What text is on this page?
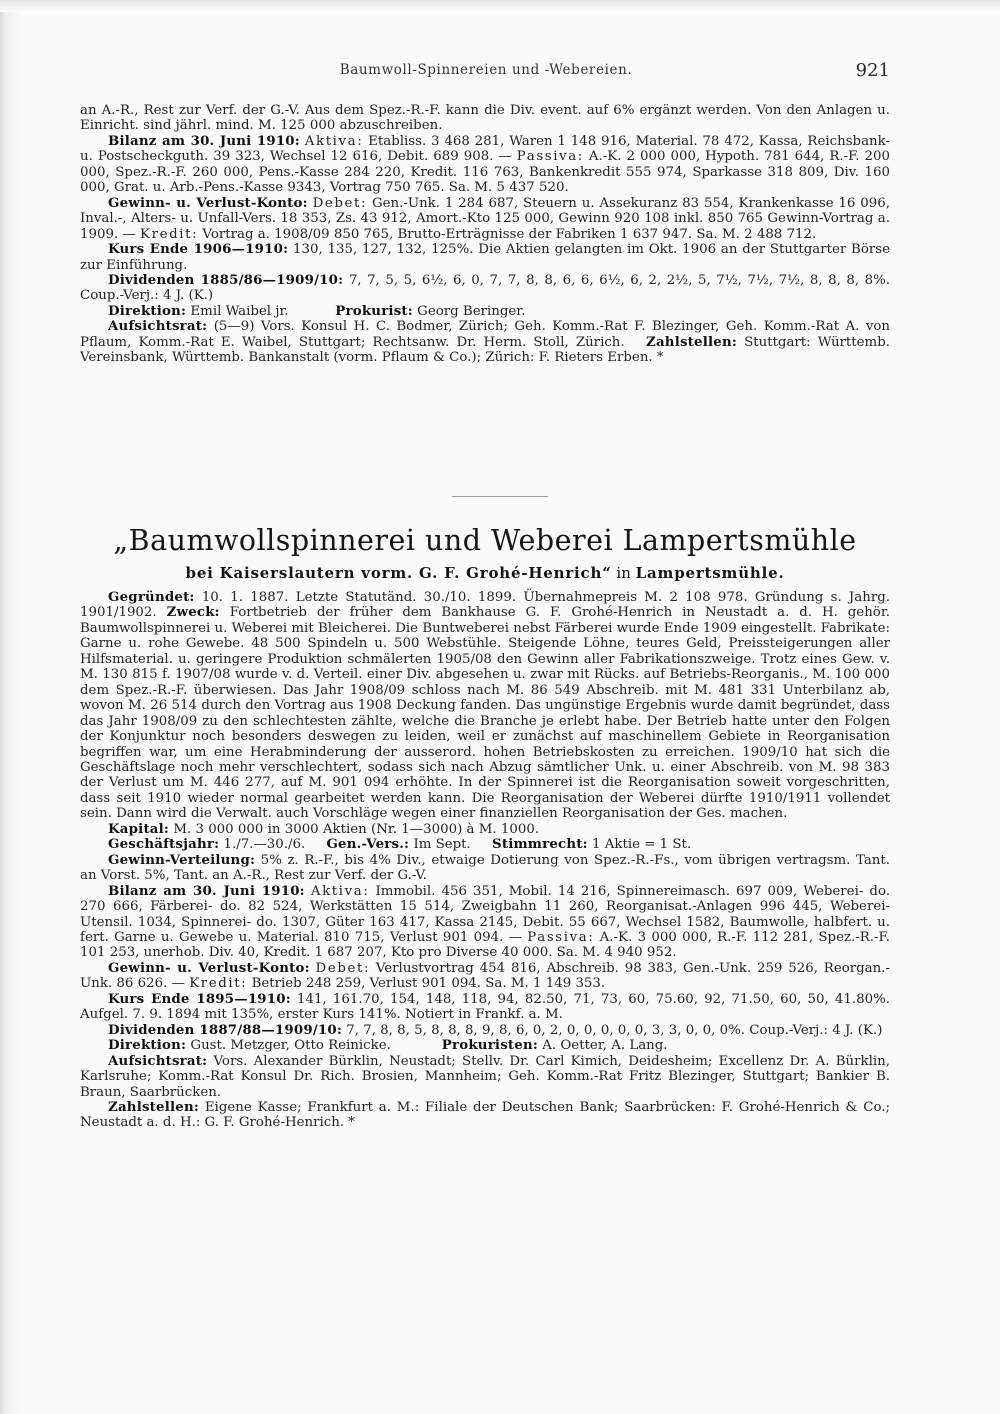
Baumwoll-Spinnereien und -Webereien.	921

an A.-R., Rest zur Verf. der G.-V. Aus dem Spez.-R.-F. kann die Div. event. auf 6% ergänzt werden. Von den Anlagen u. Einricht. sind jährl. mind. M. 125 000 abzuschreiben.

Bilanz am 30. Juni 1910: Aktiva: Etabliss. 3 468 281, Waren 1 148 916, Material. 78 472, Kassa, Reichsbank- u. Postscheckguth. 39 323, Wechsel 12 616, Debit. 689 908. — Passiva: A.-K. 2 000 000, Hypoth. 781 644, R.-F. 200 000, Spez.-R.-F. 260 000, Pens.-Kasse 284 220, Kredit. 116 763, Bankenkredit 555 974, Sparkasse 318 809, Div. 160 000, Grat. u. Arb.-Pens.-Kasse 9343, Vortrag 750 765. Sa. M. 5 437 520.

Gewinn- u. Verlust-Konto: Debet: Gen.-Unk. 1 284 687, Steuern u. Assekuranz 83 554, Krankenkasse 16 096, Inval.-, Alters- u. Unfall-Vers. 18 353, Zs. 43 912, Amort.-Kto 125 000, Gewinn 920 108 inkl. 850 765 Gewinn-Vortrag a. 1909. — Kredit: Vortrag a. 1908/09 850 765, Brutto-Erträgnisse der Fabriken 1 637 947. Sa. M. 2 488 712.

Kurs Ende 1906—1910: 130, 135, 127, 132, 125%. Die Aktien gelangten im Okt. 1906 an der Stuttgarter Börse zur Einführung.

Dividenden 1885/86—1909/10: 7, 7, 5, 5, 6½, 6, 0, 7, 7, 8, 8, 6, 6, 6½, 6, 2, 2½, 5, 7½, 7½, 7½, 8, 8, 8, 8%. Coup.-Verj.: 4 J. (K.)

Direktion: Emil Waibel jr.	Prokurist: Georg Beringer.

Aufsichtsrat: (5—9) Vors. Konsul H. C. Bodmer, Zürich; Geh. Komm.-Rat F. Blezinger, Geh. Komm.-Rat A. von Pflaum, Komm.-Rat E. Waibel, Stuttgart; Rechtsanw. Dr. Herm. Stoll, Zürich. Zahlstellen: Stuttgart: Württemb. Vereinsbank, Württemb. Bankanstalt (vorm. Pflaum & Co.); Zürich: F. Rieters Erben. *

„Baumwollspinnerei und Weberei Lampertsmühle
bei Kaiserslautern vorm. G. F. Grohé-Henrich“ in Lampertsmühle.

Gegründet: 10. 1. 1887. Letzte Statutänd. 30./10. 1899. Übernahmepreis M. 2 108 978. Gründung s. Jahrg. 1901/1902. Zweck: Fortbetrieb der früher dem Bankhause G. F. Grohé-Henrich in Neustadt a. d. H. gehör. Baumwollspinnerei u. Weberei mit Bleicherei. Die Buntweberei nebst Färberei wurde Ende 1909 eingestellt. Fabrikate: Garne u. rohe Gewebe. 48 500 Spindeln u. 500 Webstühle. Steigende Löhne, teures Geld, Preissteigerungen aller Hilfsmaterial. u. geringere Produktion schmälerten 1905/08 den Gewinn aller Fabrikationszweige. Trotz eines Gew. v. M. 130 815 f. 1907/08 wurde v. d. Verteil. einer Div. abgesehen u. zwar mit Rücks. auf Betriebs-Reorganis., M. 100 000 dem Spez.-R.-F. überwiesen. Das Jahr 1908/09 schloss nach M. 86 549 Abschreib. mit M. 481 331 Unterbilanz ab, wovon M. 26 514 durch den Vortrag aus 1908 Deckung fanden. Das ungünstige Ergebnis wurde damit begründet, dass das Jahr 1908/09 zu den schlechtesten zählte, welche die Branche je erlebt habe. Der Betrieb hatte unter den Folgen der Konjunktur noch besonders deswegen zu leiden, weil er zunächst auf maschinellem Gebiete in Reorganisation begriffen war, um eine Herabminderung der ausserord. hohen Betriebskosten zu erreichen. 1909/10 hat sich die Geschäftslage noch mehr verschlechtert, sodass sich nach Abzug sämtlicher Unk. u. einer Abschreib. von M. 98 383 der Verlust um M. 446 277, auf M. 901 094 erhöhte. In der Spinnerei ist die Reorganisation soweit vorgeschritten, dass seit 1910 wieder normal gearbeitet werden kann. Die Reorganisation der Weberei dürfte 1910/1911 vollendet sein. Dann wird die Verwalt. auch Vorschläge wegen einer finanziellen Reorganisation der Ges. machen.

Kapital: M. 3 000 000 in 3000 Aktien (Nr. 1—3000) à M. 1000.

Geschäftsjahr: 1./7.—30./6. Gen.-Vers.: Im Sept. Stimmrecht: 1 Aktie = 1 St.

Gewinn-Verteilung: 5% z. R.-F., bis 4% Div., etwaige Dotierung von Spez.-R.-Fs., vom übrigen vertragsm. Tant. an Vorst. 5%, Tant. an A.-R., Rest zur Verf. der G.-V.

Bilanz am 30. Juni 1910: Aktiva: Immobil. 456 351, Mobil. 14 216, Spinnereimasch. 697 009, Weberei- do. 270 666, Färberei- do. 82 524, Werkstätten 15 514, Zweigbahn 11 260, Reorganisat.-Anlagen 996 445, Weberei-Utensil. 1034, Spinnerei- do. 1307, Güter 163 417, Kassa 2145, Debit. 55 667, Wechsel 1582, Baumwolle, halbfert. u. fert. Garne u. Gewebe u. Material. 810 715, Verlust 901 094. — Passiva: A.-K. 3 000 000, R.-F. 112 281, Spez.-R.-F. 101 253, unerhob. Div. 40, Kredit. 1 687 207, Kto pro Diverse 40 000. Sa. M. 4 940 952.

Gewinn- u. Verlust-Konto: Debet: Verlustvortrag 454 816, Abschreib. 98 383, Gen.-Unk. 259 526, Reorgan.-Unk. 86 626. — Kredit: Betrieb 248 259, Verlust 901 094. Sa. M. 1 149 353.

Kurs Ende 1895—1910: 141, 161.70, 154, 148, 118, 94, 82.50, 71, 73, 60, 75.60, 92, 71.50, 60, 50, 41.80%. Aufgel. 7. 9. 1894 mit 135%, erster Kurs 141%. Notiert in Frankf. a. M.

Dividenden 1887/88—1909/10: 7, 7, 8, 8, 5, 8, 8, 8, 9, 8, 6, 0, 2, 0, 0, 0, 0, 0, 3, 3, 0, 0, 0%. Coup.-Verj.: 4 J. (K.)

Direktion: Gust. Metzger, Otto Reinicke.	Prokuristen: A. Oetter, A. Lang.

Aufsichtsrat: Vors. Alexander Bürklin, Neustadt; Stellv. Dr. Carl Kimich, Deidesheim; Excellenz Dr. A. Bürklin, Karlsruhe; Komm.-Rat Konsul Dr. Rich. Brosien, Mannheim; Geh. Komm.-Rat Fritz Blezinger, Stuttgart; Bankier B. Braun, Saarbrücken.

Zahlstellen: Eigene Kasse; Frankfurt a. M.: Filiale der Deutschen Bank; Saarbrücken: F. Grohé-Henrich & Co.; Neustadt a. d. H.: G. F. Grohé-Henrich. *
